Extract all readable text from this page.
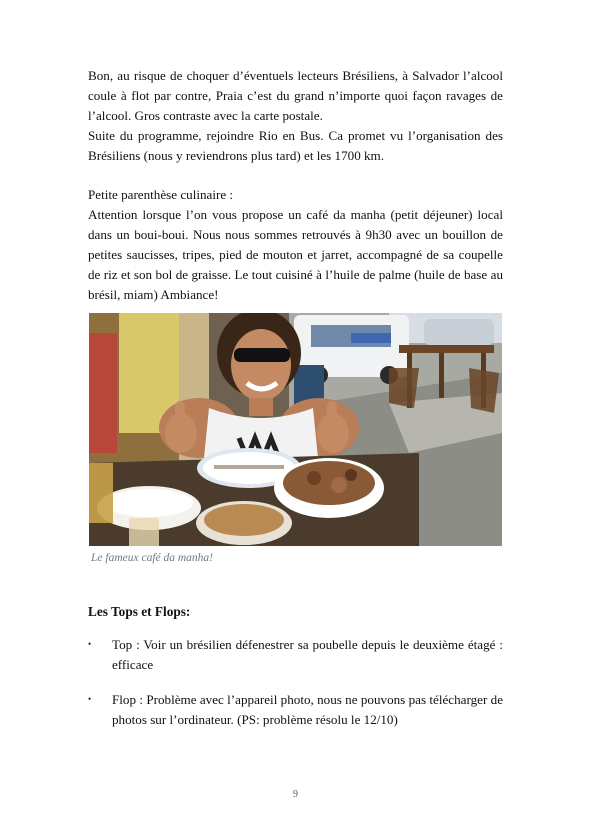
Bon, au risque de choquer d’éventuels lecteurs Brésiliens, à Salvador l’alcool coule à flot par contre, Praia c’est du grand n’importe quoi façon ravages de l’alcool. Gros contraste avec la carte postale.

Suite du programme, rejoindre Rio en Bus. Ca promet vu l’organisation des Brésiliens (nous y reviendrons plus tard) et les 1700 km.

Petite parenthèse culinaire :

Attention lorsque l’on vous propose un café da manha (petit déjeuner) local dans un boui-boui. Nous nous sommes retrouvés à 9h30 avec un bouillon de petites saucisses, tripes, pied de mouton et jarret, accompagné de sa coupelle de riz et son bol de graisse. Le tout cuisiné à l’huile de palme (huile de base au brésil, miam) Ambiance!

Le fameux café da manha!
Les Tops et Flops:
• Top : Voir un brésilien défenestrer sa poubelle depuis le deuxième étagé : efficace
• Flop : Problème avec l’appareil photo, nous ne pouvons pas télécharger de photos sur l’ordinateur. (PS: problème résolu le 12/10)
9
